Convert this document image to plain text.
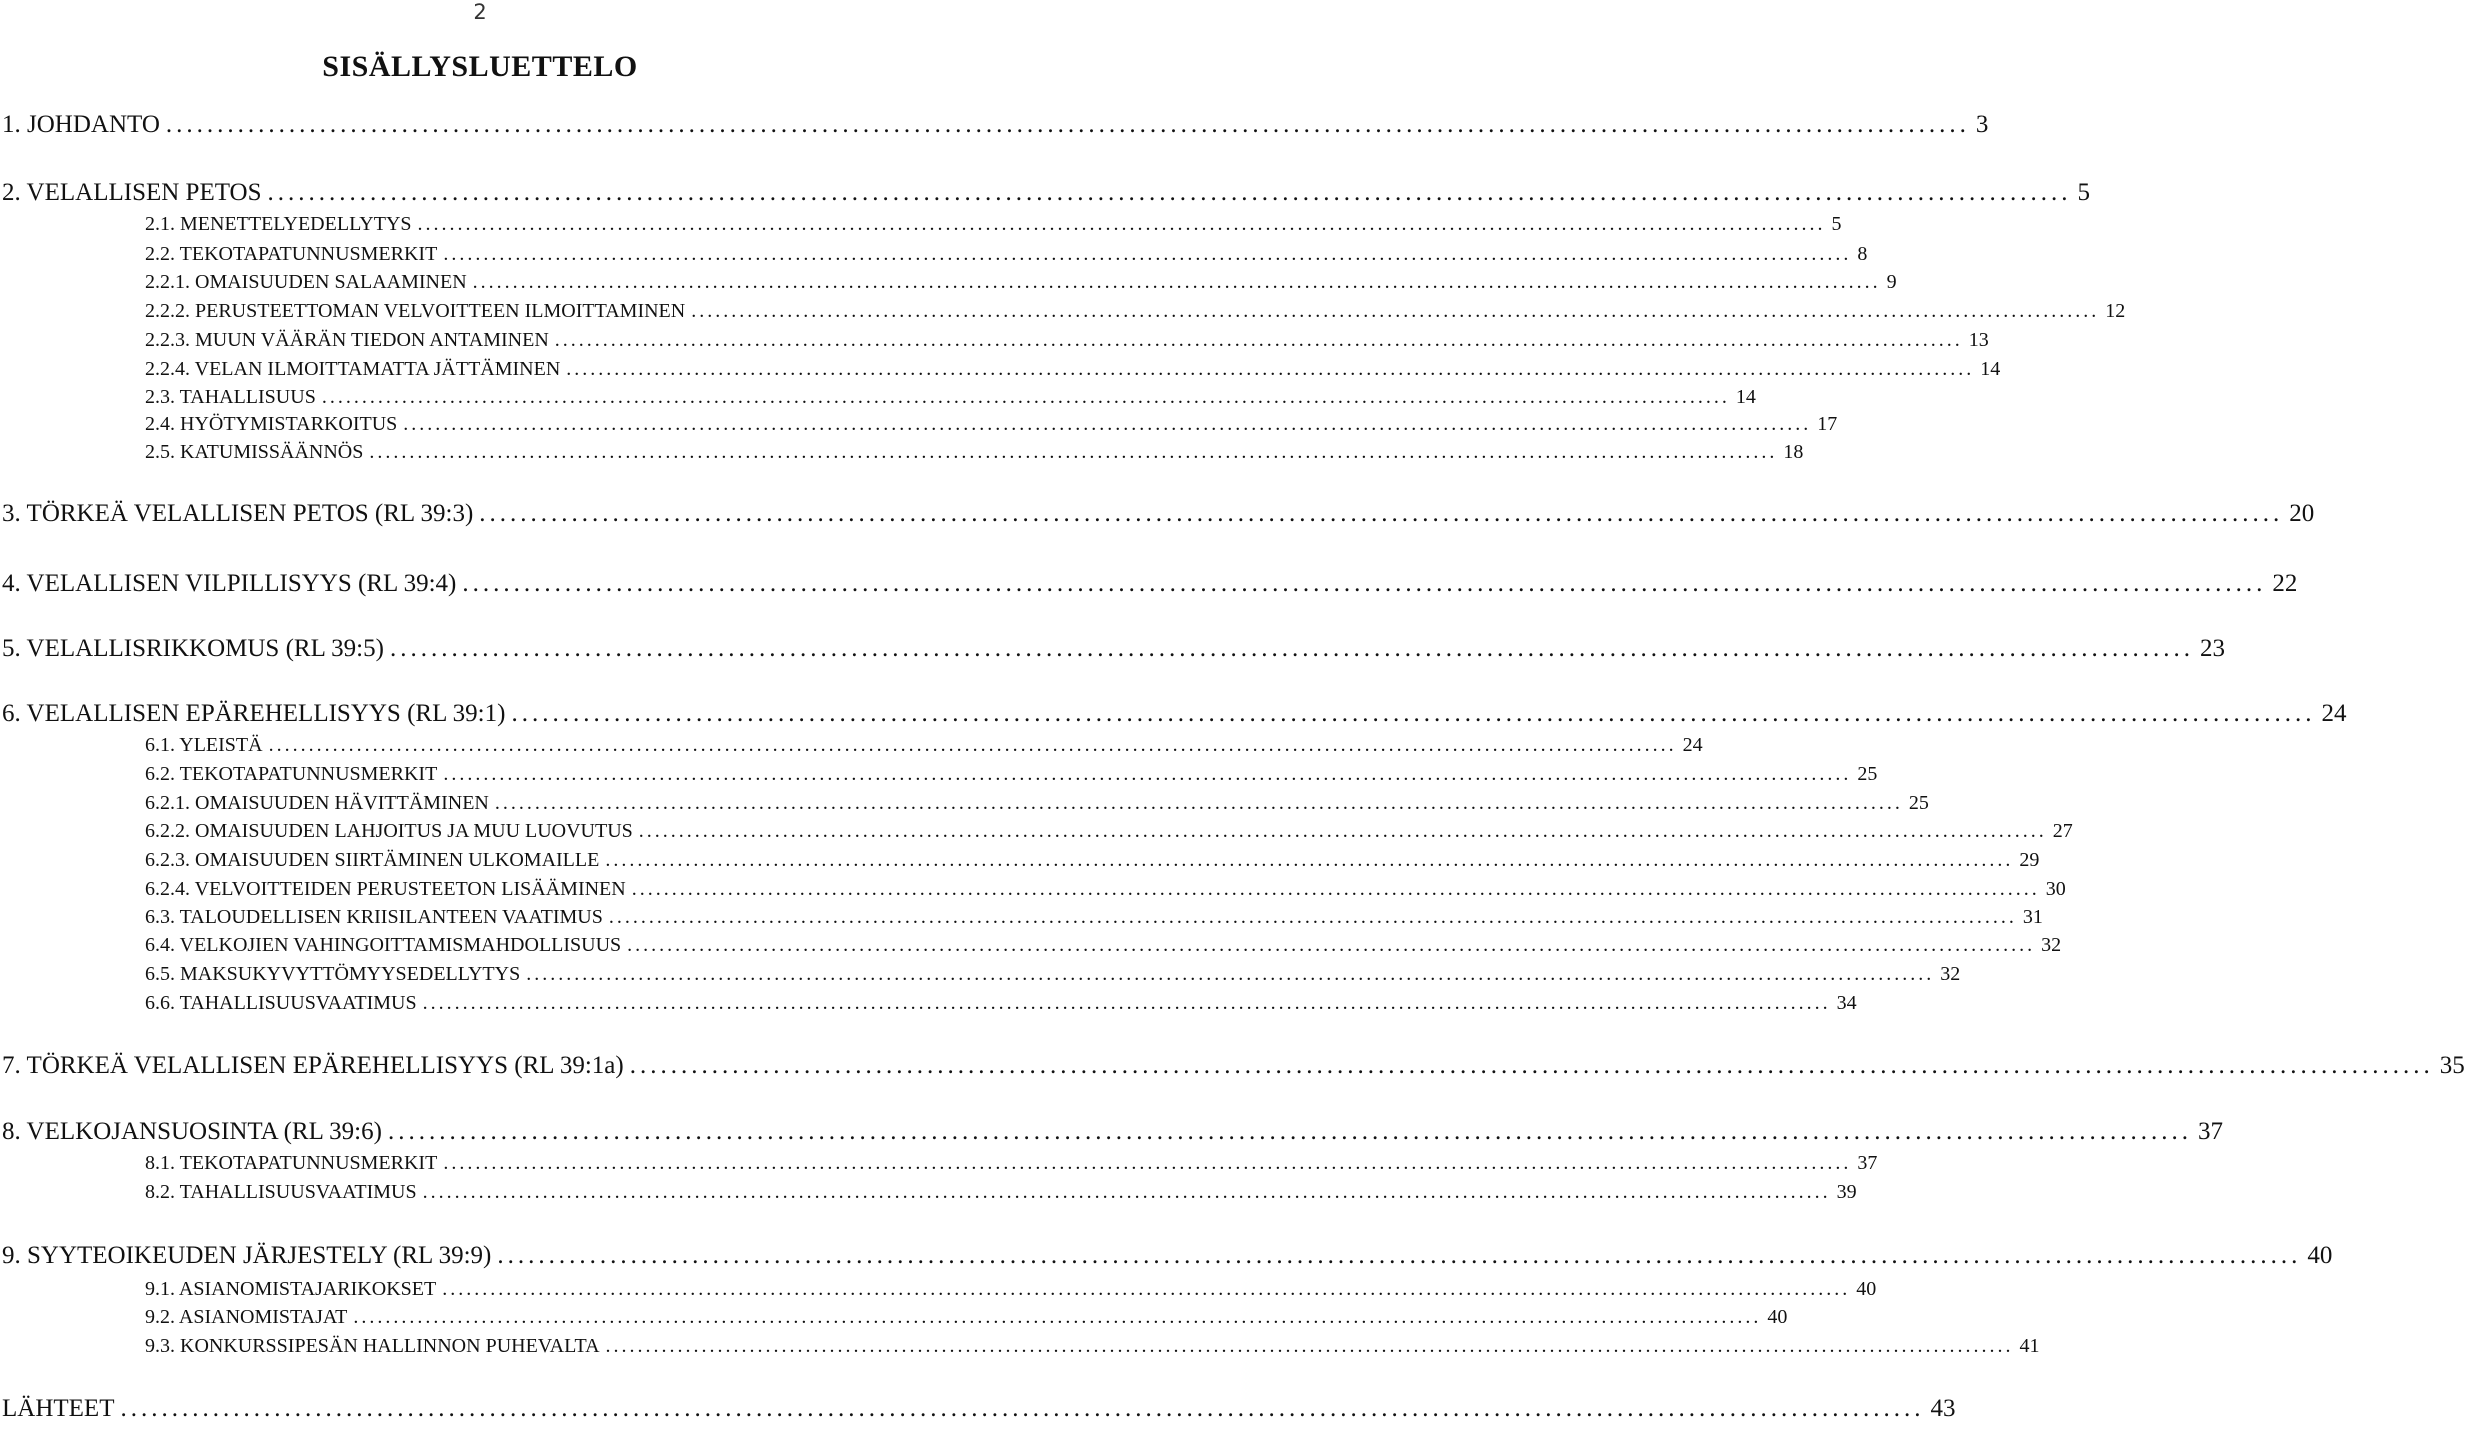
2
SISÄLLYSLUETTELO
1. JOHDANTO ................................................................................................................................................................................ 3
2. VELALLISEN PETOS ................................................................................................................................................................................ 5
2.1. MENETTELYEDELLYTYS ................................................................................................................................................................................ 5
2.2. TEKOTAPATUNNUSMERKIT ................................................................................................................................................................................ 8
2.2.1. OMAISUUDEN SALAAMINEN ................................................................................................................................................................................ 9
2.2.2. PERUSTEETTOMAN VELVOITTEEN ILMOITTAMINEN ................................................................................................................................................................................ 12
2.2.3. MUUN VÄÄRÄN TIEDON ANTAMINEN ................................................................................................................................................................................ 13
2.2.4. VELAN ILMOITTAMATTA JÄTTÄMINEN ................................................................................................................................................................................ 14
2.3. TAHALLISUUS ................................................................................................................................................................................ 14
2.4. HYÖTYMISTARKOITUS ................................................................................................................................................................................ 17
2.5. KATUMISSÄÄNNÖS ................................................................................................................................................................................ 18
3. TÖRKEÄ VELALLISEN PETOS (RL 39:3) ................................................................................................................................................................................ 20
4. VELALLISEN VILPILLISYYS (RL 39:4) ................................................................................................................................................................................ 22
5. VELALLISRIKKOMUS (RL 39:5) ................................................................................................................................................................................ 23
6. VELALLISEN EPÄREHELLISYYS (RL 39:1) ................................................................................................................................................................................ 24
6.1. YLEISTÄ ................................................................................................................................................................................ 24
6.2. TEKOTAPATUNNUSMERKIT ................................................................................................................................................................................ 25
6.2.1. OMAISUUDEN HÄVITTÄMINEN ................................................................................................................................................................................ 25
6.2.2. OMAISUUDEN LAHJOITUS JA MUU LUOVUTUS ................................................................................................................................................................................ 27
6.2.3. OMAISUUDEN SIIRTÄMINEN ULKOMAILLE ................................................................................................................................................................................ 29
6.2.4. VELVOITTEIDEN PERUSTEETON LISÄÄMINEN ................................................................................................................................................................................ 30
6.3. TALOUDELLISEN KRIISILANTEEN VAATIMUS ................................................................................................................................................................................ 31
6.4. VELKOJIEN VAHINGOITTAMISMAHDOLLISUUS ................................................................................................................................................................................ 32
6.5. MAKSUKYVYTTÖMYYSEDELLYTYS ................................................................................................................................................................................ 32
6.6. TAHALLISUUSVAATIMUS ................................................................................................................................................................................ 34
7. TÖRKEÄ VELALLISEN EPÄREHELLISYYS (RL 39:1a) ................................................................................................................................................................................ 35
8. VELKOJANSUOSINTA (RL 39:6) ................................................................................................................................................................................ 37
8.1. TEKOTAPATUNNUSMERKIT ................................................................................................................................................................................ 37
8.2. TAHALLISUUSVAATIMUS ................................................................................................................................................................................ 39
9. SYYTEOIKEUDEN JÄRJESTELY (RL 39:9) ................................................................................................................................................................................ 40
9.1. ASIANOMISTAJARIKOKSET ................................................................................................................................................................................ 40
9.2. ASIANOMISTAJAT ................................................................................................................................................................................ 40
9.3. KONKURSSIPESÄN HALLINNON PUHEVALTA ................................................................................................................................................................................ 41
LÄHTEET ................................................................................................................................................................................ 43
